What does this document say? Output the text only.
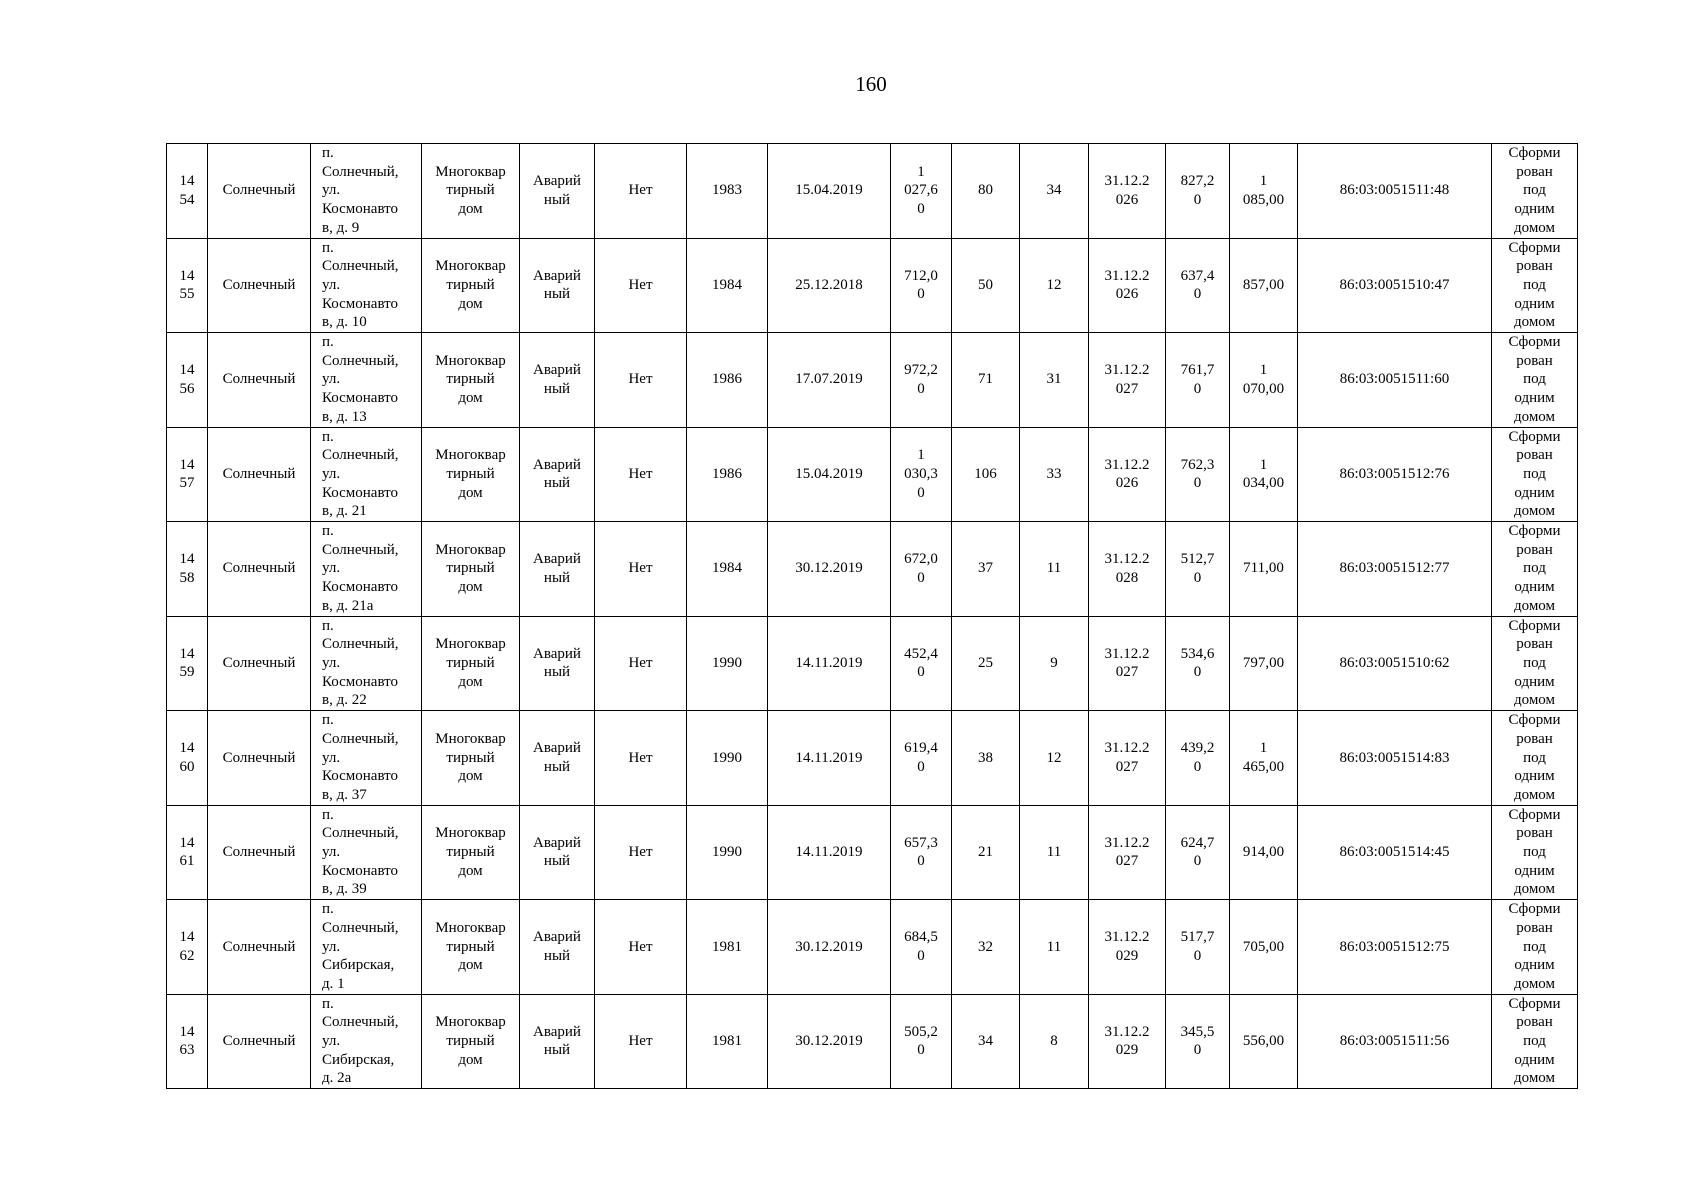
160
14
54	Солнечный	п.
Солнечный,
ул.
Космонавто
в, д. 9	Многоквар
тирный
дом	Аварий
ный	Нет	1983	15.04.2019	1
027,6
0	80	34	31.12.2
026	827,2
0	1
085,00	86:03:0051511:48	Сформи
рован
под
одним
домом
14
55	Солнечный	п.
Солнечный,
ул.
Космонавто
в, д. 10	Многоквар
тирный
дом	Аварий
ный	Нет	1984	25.12.2018	712,0
0	50	12	31.12.2
026	637,4
0	857,00	86:03:0051510:47	Сформи
рован
под
одним
домом
14
56	Солнечный	п.
Солнечный,
ул.
Космонавто
в, д. 13	Многоквар
тирный
дом	Аварий
ный	Нет	1986	17.07.2019	972,2
0	71	31	31.12.2
027	761,7
0	1
070,00	86:03:0051511:60	Сформи
рован
под
одним
домом
14
57	Солнечный	п.
Солнечный,
ул.
Космонавто
в, д. 21	Многоквар
тирный
дом	Аварий
ный	Нет	1986	15.04.2019	1
030,3
0	106	33	31.12.2
026	762,3
0	1
034,00	86:03:0051512:76	Сформи
рован
под
одним
домом
14
58	Солнечный	п.
Солнечный,
ул.
Космонавто
в, д. 21а	Многоквар
тирный
дом	Аварий
ный	Нет	1984	30.12.2019	672,0
0	37	11	31.12.2
028	512,7
0	711,00	86:03:0051512:77	Сформи
рован
под
одним
домом
14
59	Солнечный	п.
Солнечный,
ул.
Космонавто
в, д. 22	Многоквар
тирный
дом	Аварий
ный	Нет	1990	14.11.2019	452,4
0	25	9	31.12.2
027	534,6
0	797,00	86:03:0051510:62	Сформи
рован
под
одним
домом
14
60	Солнечный	п.
Солнечный,
ул.
Космонавто
в, д. 37	Многоквар
тирный
дом	Аварий
ный	Нет	1990	14.11.2019	619,4
0	38	12	31.12.2
027	439,2
0	1
465,00	86:03:0051514:83	Сформи
рован
под
одним
домом
14
61	Солнечный	п.
Солнечный,
ул.
Космонавто
в, д. 39	Многоквар
тирный
дом	Аварий
ный	Нет	1990	14.11.2019	657,3
0	21	11	31.12.2
027	624,7
0	914,00	86:03:0051514:45	Сформи
рован
под
одним
домом
14
62	Солнечный	п.
Солнечный,
ул.
Сибирская,
д. 1	Многоквар
тирный
дом	Аварий
ный	Нет	1981	30.12.2019	684,5
0	32	11	31.12.2
029	517,7
0	705,00	86:03:0051512:75	Сформи
рован
под
одним
домом
14
63	Солнечный	п.
Солнечный,
ул.
Сибирская,
д. 2а	Многоквар
тирный
дом	Аварий
ный	Нет	1981	30.12.2019	505,2
0	34	8	31.12.2
029	345,5
0	556,00	86:03:0051511:56	Сформи
рован
под
одним
домом
